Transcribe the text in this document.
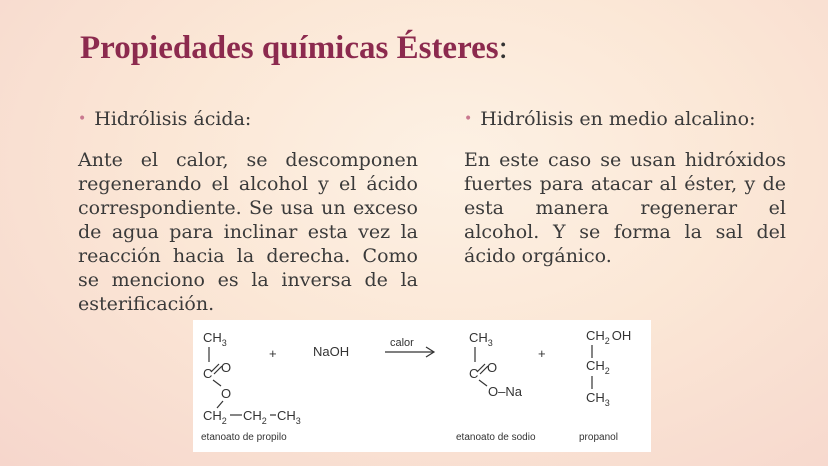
Propiedades químicas Ésteres:

• Hidrólisis ácida:

Ante el calor, se descomponen regenerando el alcohol y el ácido correspondiente. Se usa un exceso de agua para inclinar esta vez la reacción hacia la derecha. Como se menciono es la inversa de la esterificación.

• Hidrólisis en medio alcalino:

En este caso se usan hidróxidos fuertes para atacar al éster, y de esta manera regenerar el alcohol. Y se forma la sal del ácido orgánico.

$CH_3$
C O
O
$CH_2$ $CH_2$ $CH_3$
+	NaOH
calor	$CH_3$
C O
O–Na
+
$CH_2$ OH
$CH_2$
$CH_3$
etanoato de propilo	etanoato de sodio	propanol
